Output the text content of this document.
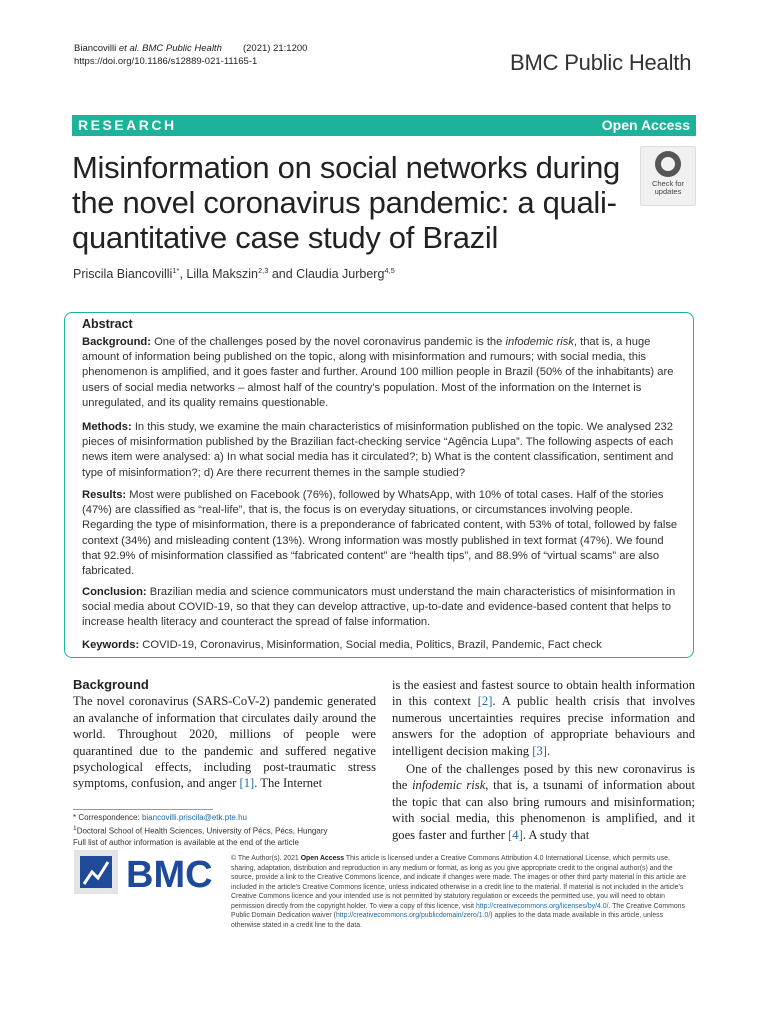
Biancovilli et al. BMC Public Health (2021) 21:1200
https://doi.org/10.1186/s12889-021-11165-1	BMC Public Health
RESEARCH	Open Access
Misinformation on social networks during the novel coronavirus pandemic: a quali-quantitative case study of Brazil
Check for
updates
Priscila Biancovilli$^{1*}$, Lilla Makszin$^{2,3}$ and Claudia Jurberg$^{4,5}$
Abstract
Background: One of the challenges posed by the novel coronavirus pandemic is the infodemic risk, that is, a huge amount of information being published on the topic, along with misinformation and rumours; with social media, this phenomenon is amplified, and it goes faster and further. Around 100 million people in Brazil (50% of the inhabitants) are users of social media networks – almost half of the country's population. Most of the information on the Internet is unregulated, and its quality remains questionable.
Methods: In this study, we examine the main characteristics of misinformation published on the topic. We analysed 232 pieces of misinformation published by the Brazilian fact-checking service “Agência Lupa”. The following aspects of each news item were analysed: a) In what social media has it circulated?; b) What is the content classification, sentiment and type of misinformation?; d) Are there recurrent themes in the sample studied?
Results: Most were published on Facebook (76%), followed by WhatsApp, with 10% of total cases. Half of the stories (47%) are classified as “real-life”, that is, the focus is on everyday situations, or circumstances involving people. Regarding the type of misinformation, there is a preponderance of fabricated content, with 53% of total, followed by false context (34%) and misleading content (13%). Wrong information was mostly published in text format (47%). We found that 92.9% of misinformation classified as “fabricated content” are “health tips”, and 88.9% of “virtual scams” are also fabricated.
Conclusion: Brazilian media and science communicators must understand the main characteristics of misinformation in social media about COVID-19, so that they can develop attractive, up-to-date and evidence-based content that helps to increase health literacy and counteract the spread of false information.
Keywords: COVID-19, Coronavirus, Misinformation, Social media, Politics, Brazil, Pandemic, Fact check
Background
The novel coronavirus (SARS-CoV-2) pandemic generated an avalanche of information that circulates daily around the world. Throughout 2020, millions of people were quarantined due to the pandemic and suffered negative psychological effects, including post-traumatic stress symptoms, confusion, and anger [1]. The Internet
is the easiest and fastest source to obtain health information in this context [2]. A public health crisis that involves numerous uncertainties requires precise information and answers for the adoption of appropriate behaviours and intelligent decision making [3].
One of the challenges posed by this new coronavirus is the infodemic risk, that is, a tsunami of information about the topic that can also bring rumours and misinformation; with social media, this phenomenon is amplified, and it goes faster and further [4]. A study that
* Correspondence: biancovilli.priscila@etk.pte.hu
$^1$Doctoral School of Health Sciences, University of Pécs, Pécs, Hungary
Full list of author information is available at the end of the article
BMC	© The Author(s). 2021 Open Access This article is licensed under a Creative Commons Attribution 4.0 International License, which permits use, sharing, adaptation, distribution and reproduction in any medium or format, as long as you give appropriate credit to the original author(s) and the source, provide a link to the Creative Commons licence, and indicate if changes were made. The images or other third party material in this article are included in the article's Creative Commons licence, unless indicated otherwise in a credit line to the material. If material is not included in the article's Creative Commons licence and your intended use is not permitted by statutory regulation or exceeds the permitted use, you will need to obtain permission directly from the copyright holder. To view a copy of this licence, visit http://creativecommons.org/licenses/by/4.0/. The Creative Commons Public Domain Dedication waiver (http://creativecommons.org/publicdomain/zero/1.0/) applies to the data made available in this article, unless otherwise stated in a credit line to the data.
